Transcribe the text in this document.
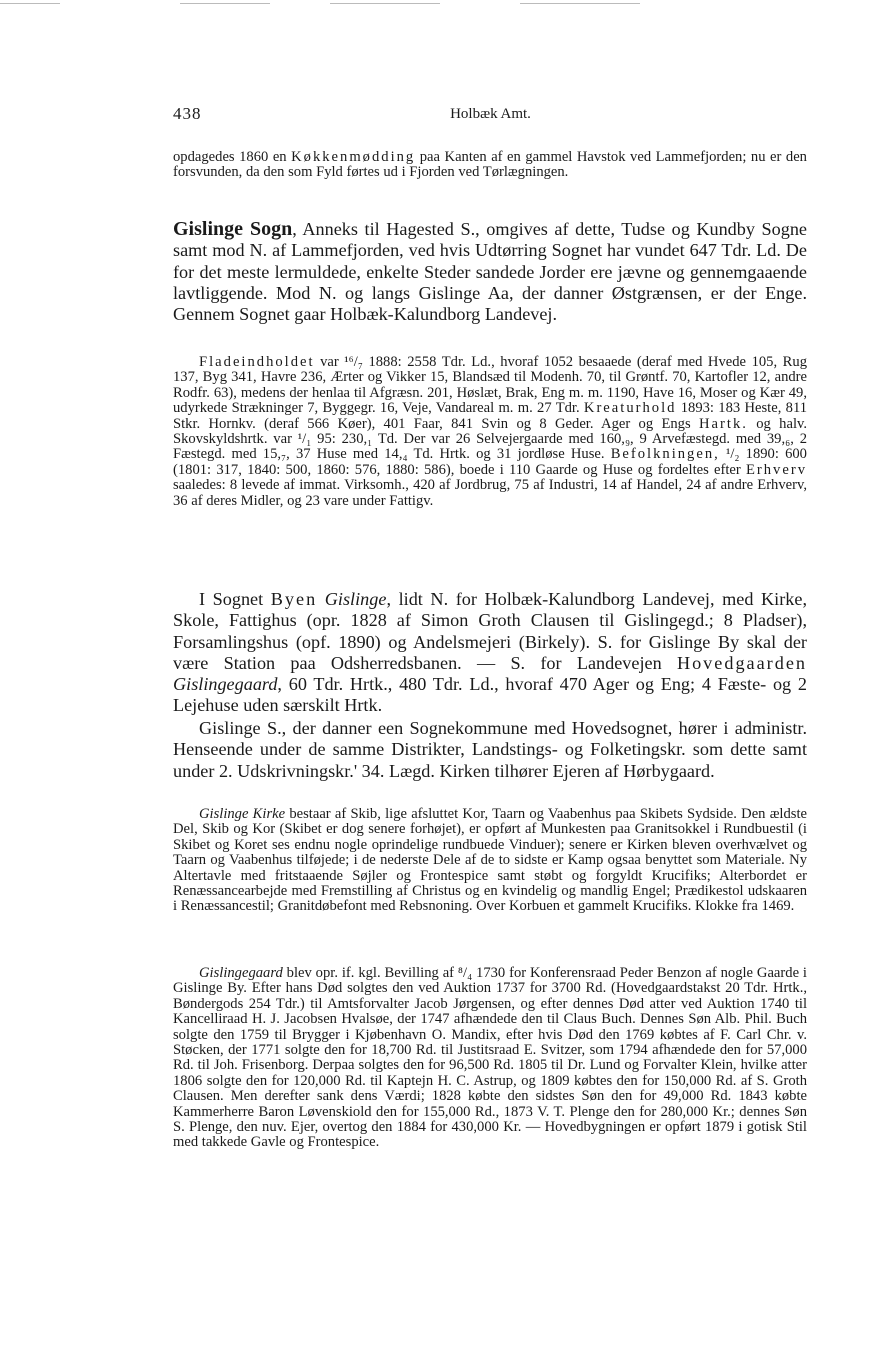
438	Holbæk Amt.

opdagedes 1860 en Køkkenmødding paa Kanten af en gammel Havstok ved Lammefjorden; nu er den forsvunden, da den som Fyld førtes ud i Fjorden ved Tørlægningen.

Gislinge Sogn, Anneks til Hagested S., omgives af dette, Tudse og Kundby Sogne samt mod N. af Lammefjorden, ved hvis Udtørring Sognet har vundet 647 Tdr. Ld. De for det meste lermuldede, enkelte Steder sandede Jorder ere jævne og gennemgaaende lavtliggende. Mod N. og langs Gislinge Aa, der danner Østgrænsen, er der Enge. Gennem Sognet gaar Holbæk-Kalundborg Landevej.

Fladeindholdet var ¹⁶/₇ 1888: 2558 Tdr. Ld., hvoraf 1052 besaaede (deraf med Hvede 105, Rug 137, Byg 341, Havre 236, Ærter og Vikker 15, Blandsæd til Modenh. 70, til Grøntf. 70, Kartofler 12, andre Rodfr. 63), medens der henlaa til Afgræsn. 201, Høslæt, Brak, Eng m. m. 1190, Have 16, Moser og Kær 49, udyrkede Strækninger 7, Byggegr. 16, Veje, Vandareal m. m. 27 Tdr. Kreaturhold 1893: 183 Heste, 811 Stkr. Hornkv. (deraf 566 Køer), 401 Faar, 841 Svin og 8 Geder. Ager og Engs Hartk. og halv. Skovskyldshrtk. var ¹/₁ 95: 230,₁ Td. Der var 26 Selvejergaarde med 160,₉, 9 Arvefæstegd. med 39,₆, 2 Fæstegd. med 15,₇, 37 Huse med 14,₄ Td. Hrtk. og 31 jordløse Huse. Befolkningen, ¹/₂ 1890: 600 (1801: 317, 1840: 500, 1860: 576, 1880: 586), boede i 110 Gaarde og Huse og fordeltes efter Erhverv saaledes: 8 levede af immat. Virksomh., 420 af Jordbrug, 75 af Industri, 14 af Handel, 24 af andre Erhverv, 36 af deres Midler, og 23 vare under Fattigv.

I Sognet Byen Gislinge, lidt N. for Holbæk-Kalundborg Landevej, med Kirke, Skole, Fattighus (opr. 1828 af Simon Groth Clausen til Gislingegd.; 8 Pladser), Forsamlingshus (opf. 1890) og Andelsmejeri (Birkely). S. for Gislinge By skal der være Station paa Odsherredsbanen. — S. for Landevejen Hovedgaarden Gislingegaard, 60 Tdr. Hrtk., 480 Tdr. Ld., hvoraf 470 Ager og Eng; 4 Fæste- og 2 Lejehuse uden særskilt Hrtk.

Gislinge S., der danner een Sognekommune med Hovedsognet, hører i administr. Henseende under de samme Distrikter, Landstings- og Folketingskr. som dette samt under 2. Udskrivningskr.' 34. Lægd. Kirken tilhører Ejeren af Hørbygaard.

Gislinge Kirke bestaar af Skib, lige afsluttet Kor, Taarn og Vaabenhus paa Skibets Sydside. Den ældste Del, Skib og Kor (Skibet er dog senere forhøjet), er opført af Munkesten paa Granitsokkel i Rundbuestil (i Skibet og Koret ses endnu nogle oprindelige rundbuede Vinduer); senere er Kirken bleven overhvælvet og Taarn og Vaabenhus tilføjede; i de nederste Dele af de to sidste er Kamp ogsaa benyttet som Materiale. Ny Altertavle med fritstaaende Søjler og Frontespice samt støbt og forgyldt Krucifiks; Alterbordet er Renæssancearbejde med Fremstilling af Christus og en kvindelig og mandlig Engel; Prædikestol udskaaren i Renæssancestil; Granitdøbefont med Rebsnoning. Over Korbuen et gammelt Krucifiks. Klokke fra 1469.

Gislingegaard blev opr. if. kgl. Bevilling af ⁸/₄ 1730 for Konferensraad Peder Benzon af nogle Gaarde i Gislinge By. Efter hans Død solgtes den ved Auktion 1737 for 3700 Rd. (Hovedgaardstakst 20 Tdr. Hrtk., Bøndergods 254 Tdr.) til Amtsforvalter Jacob Jørgensen, og efter dennes Død atter ved Auktion 1740 til Kancelliraad H. J. Jacobsen Hvalsøe, der 1747 afhændede den til Claus Buch. Dennes Søn Alb. Phil. Buch solgte den 1759 til Brygger i Kjøbenhavn O. Mandix, efter hvis Død den 1769 købtes af F. Carl Chr. v. Støcken, der 1771 solgte den for 18,700 Rd. til Justitsraad E. Svitzer, som 1794 afhændede den for 57,000 Rd. til Joh. Frisenborg. Derpaa solgtes den for 96,500 Rd. 1805 til Dr. Lund og Forvalter Klein, hvilke atter 1806 solgte den for 120,000 Rd. til Kaptejn H. C. Astrup, og 1809 købtes den for 150,000 Rd. af S. Groth Clausen. Men derefter sank dens Værdi; 1828 købte den sidstes Søn den for 49,000 Rd. 1843 købte Kammerherre Baron Løvenskiold den for 155,000 Rd., 1873 V. T. Plenge den for 280,000 Kr.; dennes Søn S. Plenge, den nuv. Ejer, overtog den 1884 for 430,000 Kr. — Hovedbygningen er opført 1879 i gotisk Stil med takkede Gavle og Frontespice.
